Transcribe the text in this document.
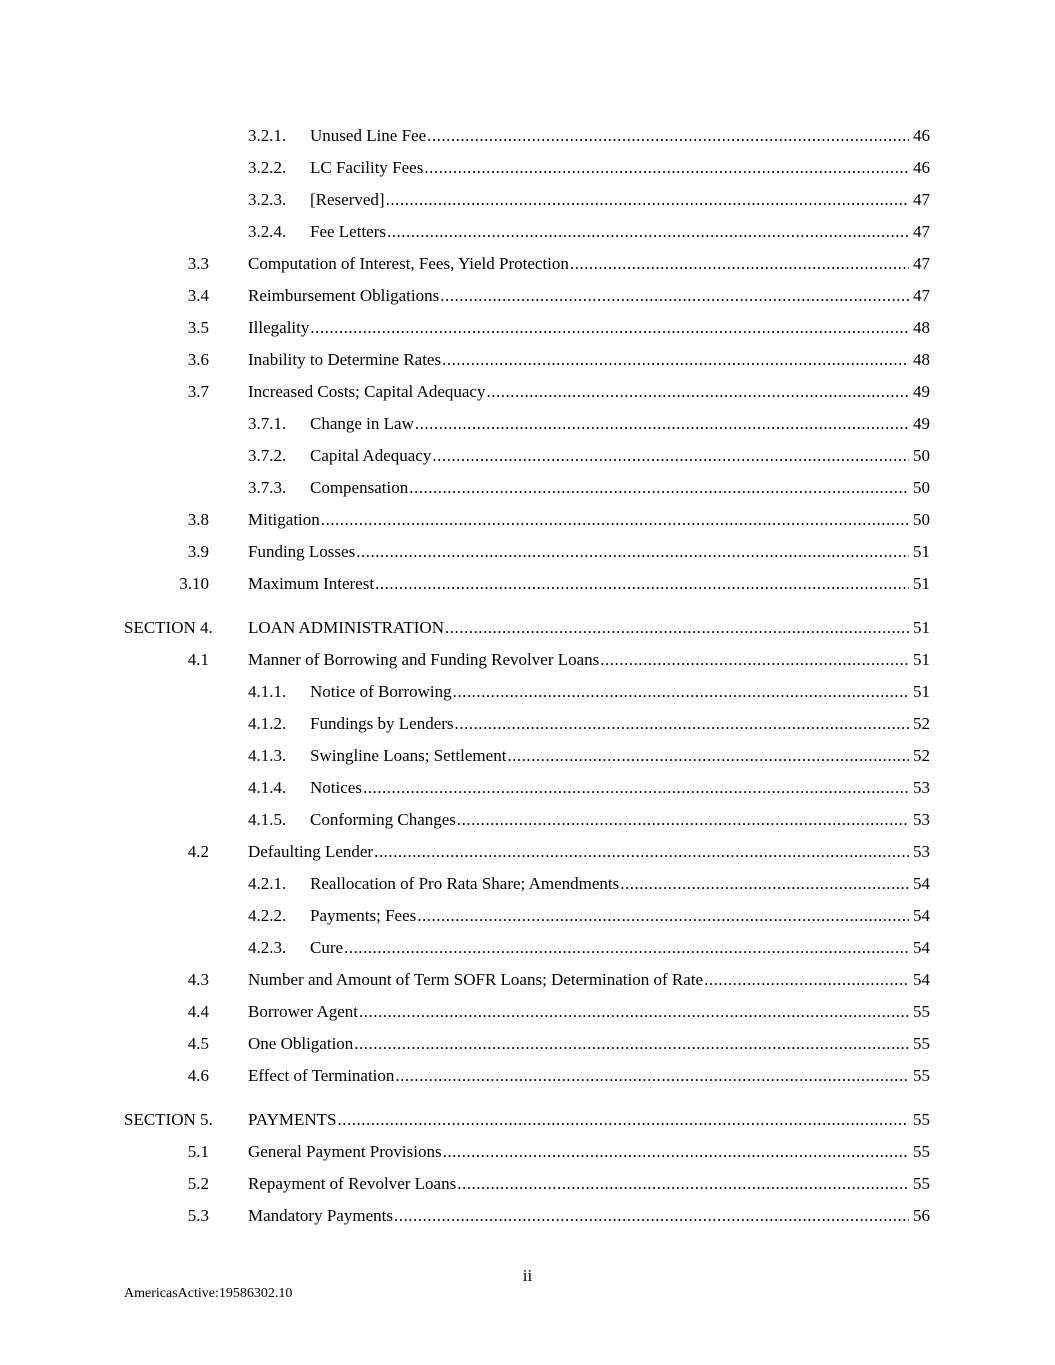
3.2.1. Unused Line Fee .....	46
3.2.2. LC Facility Fees .....	46
3.2.3. [Reserved] .....	47
3.2.4. Fee Letters .....	47
3.3 Computation of Interest, Fees, Yield Protection .....	47
3.4 Reimbursement Obligations .....	47
3.5 Illegality .....	48
3.6 Inability to Determine Rates .....	48
3.7 Increased Costs; Capital Adequacy .....	49
3.7.1. Change in Law .....	49
3.7.2. Capital Adequacy .....	50
3.7.3. Compensation .....	50
3.8 Mitigation .....	50
3.9 Funding Losses .....	51
3.10 Maximum Interest .....	51
SECTION 4. LOAN ADMINISTRATION .....	51
4.1 Manner of Borrowing and Funding Revolver Loans .....	51
4.1.1. Notice of Borrowing .....	51
4.1.2. Fundings by Lenders .....	52
4.1.3. Swingline Loans; Settlement .....	52
4.1.4. Notices .....	53
4.1.5. Conforming Changes .....	53
4.2 Defaulting Lender .....	53
4.2.1. Reallocation of Pro Rata Share; Amendments .....	54
4.2.2. Payments; Fees .....	54
4.2.3. Cure .....	54
4.3 Number and Amount of Term SOFR Loans; Determination of Rate .....	54
4.4 Borrower Agent .....	55
4.5 One Obligation .....	55
4.6 Effect of Termination .....	55
SECTION 5. PAYMENTS .....	55
5.1 General Payment Provisions .....	55
5.2 Repayment of Revolver Loans .....	55
5.3 Mandatory Payments .....	56
ii
AmericasActive:19586302.10
